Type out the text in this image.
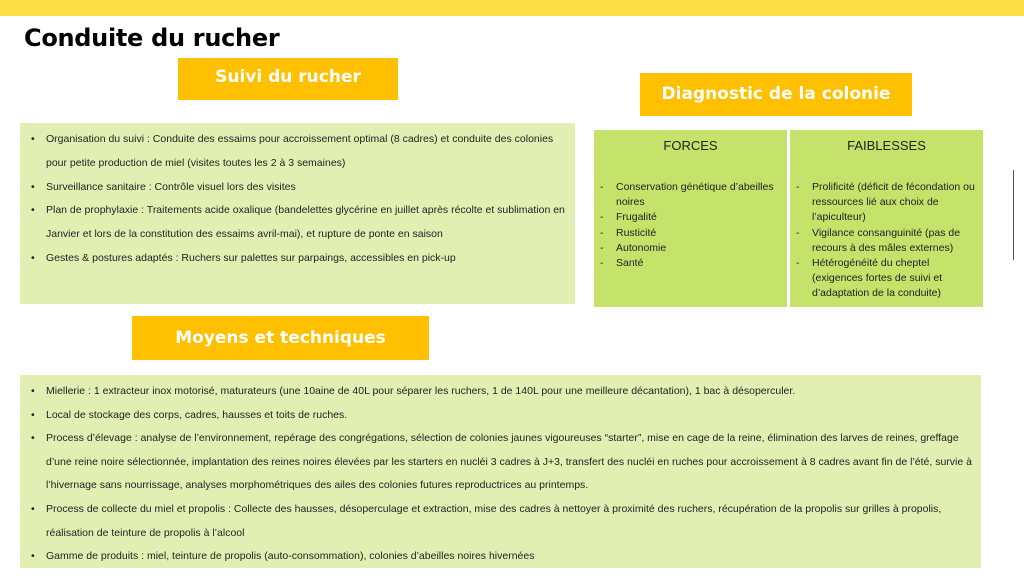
Conduite du rucher
Suivi du rucher
• Organisation du suivi : Conduite des essaims pour accroissement optimal (8 cadres) et conduite des colonies pour petite production de miel (visites toutes les 2 à 3 semaines)
• Surveillance sanitaire : Contrôle visuel lors des visites
• Plan de prophylaxie : Traitements acide oxalique (bandelettes glycérine en juillet après récolte et sublimation en Janvier et lors de la constitution des essaims avril-mai), et rupture de ponte en saison
• Gestes & postures adaptés : Ruchers sur palettes sur parpaings, accessibles en pick-up
Diagnostic de la colonie
FORCES
- Conservation génétique d’abeilles noires
- Frugalité
- Rusticité
- Autonomie
- Santé
FAIBLESSES
- Prolificité (déficit de fécondation ou ressources lié aux choix de l’apiculteur)
- Vigilance consanguinité (pas de recours à des mâles externes)
- Hétérogénéité du cheptel (exigences fortes de suivi et d’adaptation de la conduite)
Moyens et techniques
• Miellerie : 1 extracteur inox motorisé, maturateurs (une 10aine de 40L pour séparer les ruchers, 1 de 140L pour une meilleure décantation), 1 bac à désoperculer.
• Local de stockage des corps, cadres, hausses et toits de ruches.
• Process d’élevage : analyse de l’environnement, repérage des congrégations, sélection de colonies jaunes vigoureuses “starter”, mise en cage de la reine, élimination des larves de reines, greffage d’une reine noire sélectionnée, implantation des reines noires élevées par les starters en nucléi 3 cadres à J+3, transfert des nucléi en ruches pour accroissement à 8 cadres avant fin de l’été, survie à l’hivernage sans nourrissage, analyses morphométriques des ailes des colonies futures reproductrices au printemps.
• Process de collecte du miel et propolis : Collecte des hausses, désoperculage et extraction, mise des cadres à nettoyer à proximité des ruchers, récupération de la propolis sur grilles à propolis, réalisation de teinture de propolis à l’alcool
• Gamme de produits : miel, teinture de propolis (auto-consommation), colonies d’abeilles noires hivernées
